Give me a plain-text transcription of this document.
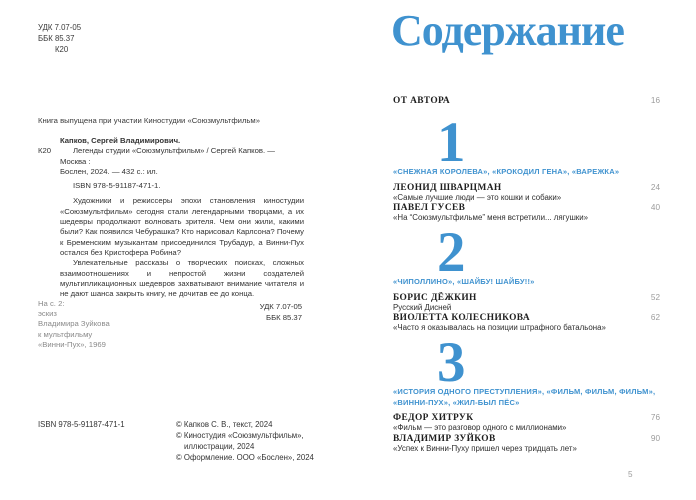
УДК 7.07-05
ББК 85.37
К20
Книга выпущена при участии Киностудии «Союзмультфильм»
Капков, Сергей Владимирович.
К20	Легенды студии «Союзмультфильм» / Сергей Капков. — Москва :
Бослен, 2024. — 432 с.: ил.
ISBN 978-5-91187-471-1.
Художники и режиссеры эпохи становления киностудии «Союзмультфильм» сегодня стали легендарными творцами, а их шедевры продолжают волновать зрителя. Чем они жили, какими были? Как появился Чебурашка? Кто нарисовал Карлсона? Почему к Бременским музыкантам присоединился Трубадур, а Винни-Пух остался без Кристофера Робина?
Увлекательные рассказы о творческих поисках, сложных взаимоотношениях и непростой жизни создателей мультипликационных шедевров захватывают внимание читателя и не дают шанса закрыть книгу, не дочитав ее до конца.
УДК 7.07-05
ББК 85.37
На с. 2:
эскиз
Владимира Зуйкова
к мультфильму
«Винни-Пух», 1969
ISBN 978-5-91187-471-1	© Капков С. В., текст, 2024
© Киностудия «Союзмультфильм»,
иллюстрации, 2024
© Оформление. ООО «Бослен», 2024
Содержание
ОТ АВТОРА	16
1
«СНЕЖНАЯ КОРОЛЕВА», «КРОКОДИЛ ГЕНА», «ВАРЕЖКА»
ЛЕОНИД ШВАРЦМАН	24
«Самые лучшие люди — это кошки и собаки»
ПАВЕЛ ГУСЕВ	40
«На “Союзмультфильме” меня встретили... лягушки»
2
«ЧИПОЛЛИНО», «ШАЙБУ! ШАЙБУ!!»
БОРИС ДЁЖКИН	52
Русский Дисней
ВИОЛЕТТА КОЛЕСНИКОВА	62
«Часто я оказывалась на позиции штрафного батальона»
3
«ИСТОРИЯ ОДНОГО ПРЕСТУПЛЕНИЯ», «ФИЛЬМ, ФИЛЬМ, ФИЛЬМ»,
«ВИННИ-ПУХ», «ЖИЛ-БЫЛ ПЁС»
ФЕДОР ХИТРУК	76
«Фильм — это разговор одного с миллионами»
ВЛАДИМИР ЗУЙКОВ	90
«Успех к Винни-Пуху пришел через тридцать лет»
5
